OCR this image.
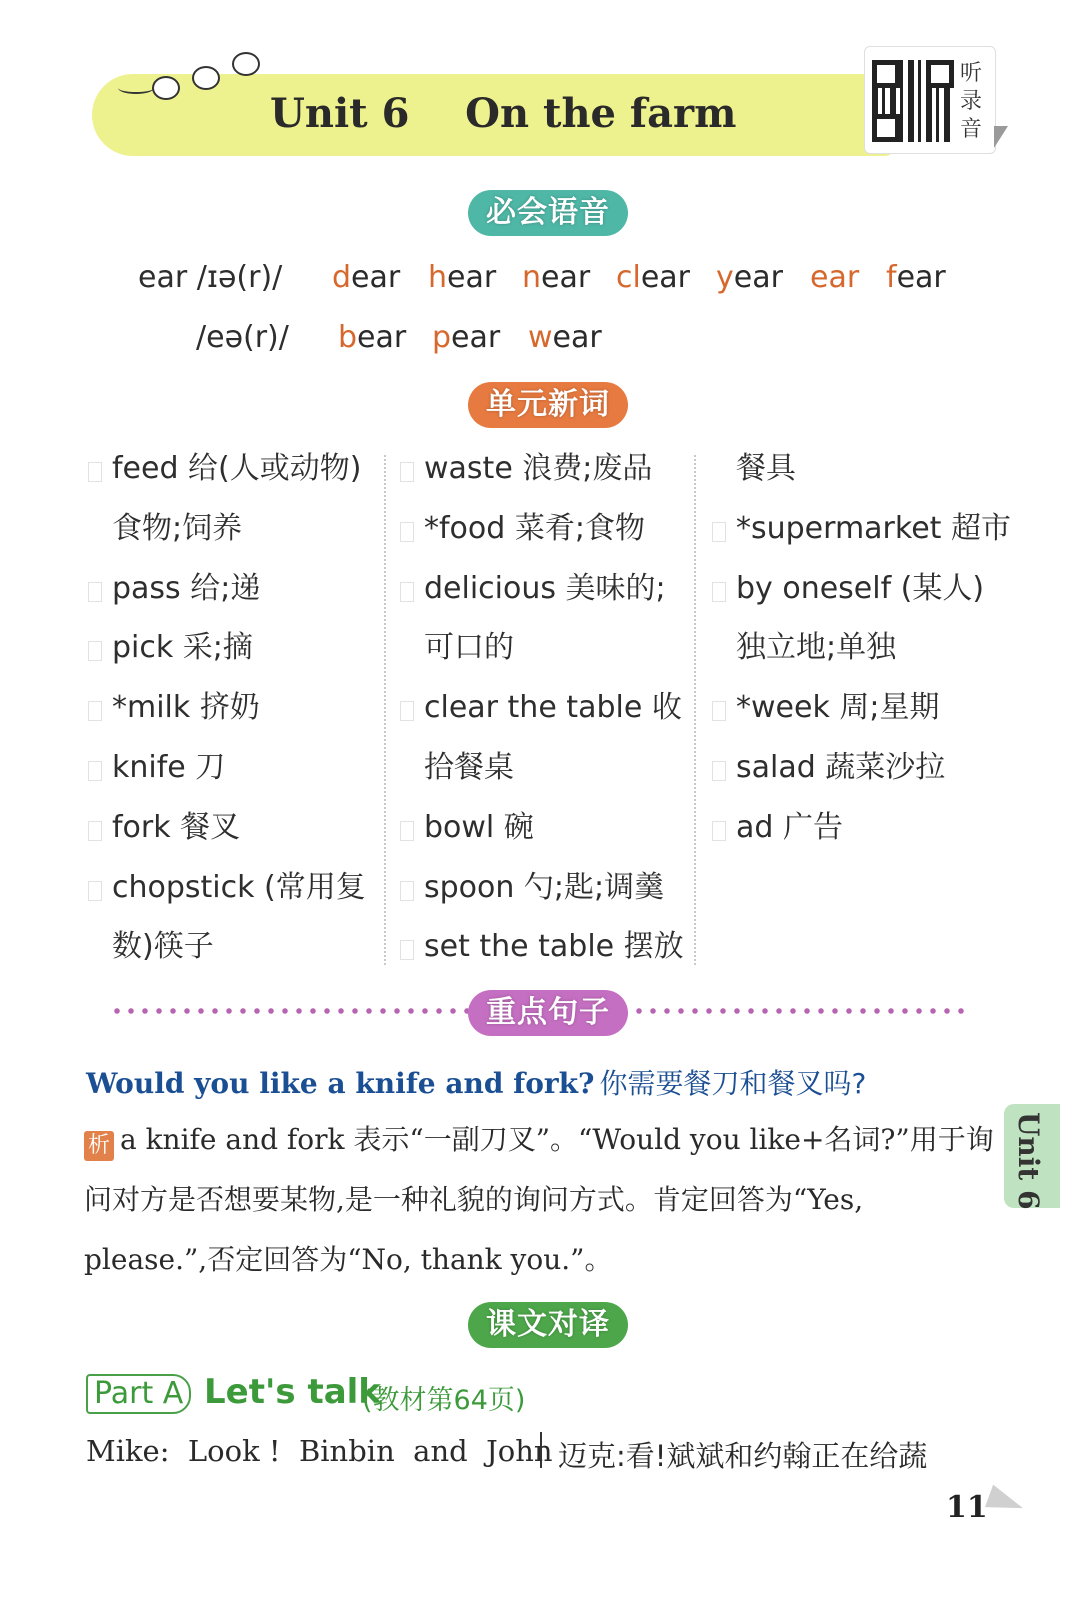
Unit 6 On the farm
听录音
必会语音
ear /ɪə(r)/ dear hear near clear year ear fear
/eə(r)/ bear pear wear
单元新词
feed 给(人或动物)
食物;饲养
pass 给;递
pick 采;摘
*milk 挤奶
knife 刀
fork 餐叉
chopstick (常用复
数)筷子
waste 浪费;废品
*food 菜肴;食物
delicious 美味的;
可口的
clear the table 收
拾餐桌
bowl 碗
spoon 勺;匙;调羹
set the table 摆放
餐具
*supermarket 超市
by oneself (某人)
独立地;单独
*week 周;星期
salad 蔬菜沙拉
ad 广告
重点句子
Would you like a knife and fork? 你需要餐刀和餐叉吗?
析 a knife and fork 表示“一副刀叉”。“Would you like+名词?”用于询
问对方是否想要某物,是一种礼貌的询问方式。肯定回答为“Yes,
please.”,否定回答为“No, thank you.”。
Unit 6
课文对译
Part A Let's talk
(教材第64页)
Mike:  Look !  Binbin  and  John 迈克:看!斌斌和约翰正在给蔬
11
